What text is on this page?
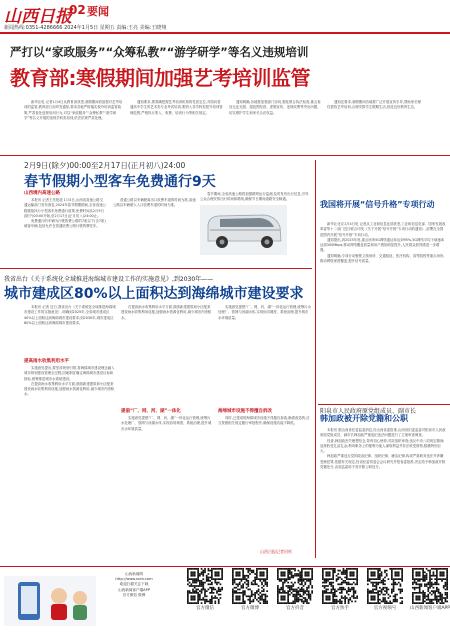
山西日报
02 要闻
新闻热线:0351-4286666 2024年1月5日 星期五 责编:王亮 美编:王晓翔
严打以“家政服务”“众筹私教”“游学研学”等名义违规培训
教育部:寒假期间加强艺考培训监管

新华社电 记者1月4日从教育部获悉,寒假期间将加强对艺考培训的监管,教育部日前印发通知,要求各地严格落实校外培训监管政策,严肃查处违规培训行为,对以“家政服务”“众筹私教”“游学研学”等名义开展的违规学科类培训,依法依规严肃处理。

通知要求,要准确把握艺考培训机构的性质定位,对面向普通高中学生的艺术类专业考试培训,要纳入非学科类校外培训管理范围,严格执行准入、收费、培训行为等相关规定。

通知明确,各地要加强部门协同,强化联合执法检查,重点查处无证无照、超范围经营、虚假宣传、违规收费等突出问题,切实维护学生和家长合法权益。

通知还要求,寒假期间各地要广泛开展宣传引导,帮助家长理性看待艺考培训,合理安排学生假期生活,营造良好教育生态。

2月9日(除夕)00:00至2月17日(正月初八)24:00
春节假期小型客车免费通行9天
山西境内高速公路

本报讯 记者王亮报道 1月4日,山西省高速公路交通运输部门发布消息,2024年春节假期期间,全省高速公路继续执行小型客车免费通行政策,免费时间从2月9日(除夕)00:00开始,至2月17日(正月初八)24:00止。

免费通行的车辆为行驶收费公路的7座以下(含7座)载客车辆,包括允许在普通收费公路行驶的摩托车。

普通公路以车辆驶离出口收费车道的时间为准,高速公路以车辆驶入入口收费车道的时间为准。

春节期间,全省高速公路将加强路网运行监测,及时发布出行信息,引导公众合理安排出行时间和路线,确保节日期间道路安全畅通。

我省出台《关于系统化全域推进海绵城市建设工作的实施意见》,到2030年——
城市建成区80%以上面积达到海绵城市建设要求

本报讯 记者 近日,我省出台《关于系统化全域推进海绵城市建设工作的实施意见》,明确到2025年,全省城市建成区40%以上面积达到海绵城市建设要求;到2030年,城市建成区80%以上面积达到海绵城市建设要求。

提高雨水收集利用水平

实施意见提出,要坚持规划引领,将海绵城市建设理念融入城市规划建设管理全过程,因地制宜确定海绵城市建设目标和指标,统筹推进城市水系统建设。

在提高雨水收集利用水平方面,鼓励新建建筑和小区配套建设雨水收集利用设施,加强雨水资源化利用,减少城市内涝积水。

在提高雨水收集利用水平方面,鼓励新建建筑和小区配套建设雨水收集利用设施,加强雨水资源化利用,减少城市内涝积水。

提倡“厂、网、河、湖”一体化

实施意见提倡“厂、网、河、湖”一体化运行管理,统筹污水处理厂、管网与河湖水体,实现协同调度、系统治理,提升城市水环境质量。

实施意见提倡“厂、网、河、湖”一体化运行管理,统筹污水处理厂、管网与河湖水体,实现协同调度、系统治理,提升城市水环境质量。

海绵城市设施不得擅自拆改

同时,已建成的海绵城市设施不得擅自拆改,确需改造的,应当按照相关规定履行审批程序,确保设施功能不降低。

山西日报记者田杉
我国将开展“信号升格”专项行动

新华社北京1月4日电 记者从工业和信息化部获悉,工业和信息化部、国家发展改革委等十二部门近日联合印发《关于开展“信号升格”专项行动的通知》,部署在全国范围内开展“信号升格”专项行动。

通知提出,到2025年底,重点场所5G网络通达率达到95%,5G网络平均下载速率达到300Mbps,移动网络覆盖质量和用户感知明显提升,人民群众获得感进一步增强。

通知明确,专项行动聚焦文旅场所、交通枢纽、医疗机构、高等院校等重点场所,推动网络深度覆盖,提升信号质量。

阳泉市人民政府原党组成员、副市长
韩加政被开除党籍和公职

本报讯 据山西省纪委监委消息,经山西省委批准,山西省纪委监委对阳泉市人民政府原党组成员、副市长韩加政严重违纪违法问题进行了立案审查调查。

经查,韩加政丧失理想信念,背弃初心使命,对抗组织审查;违反中央八项规定精神;违规收受礼品礼金;利用职务上的便利为他人谋取利益并非法收受财物,数额特别巨大。

韩加政严重违反党的政治纪律、组织纪律、廉洁纪律,构成严重职务违法并涉嫌受贿犯罪,依据有关规定,经省纪委常委会会议研究并报省委批准,决定给予韩加政开除党籍处分,由省监委给予其开除公职处分。

山西新闻网
http://www.sxrb.com
欢迎扫描关注下载
山西新闻客户端APP
官方微信 微博
官方微信	官方微博	官方抖音	官方快手	官方视频号	山西新闻客户端APP
